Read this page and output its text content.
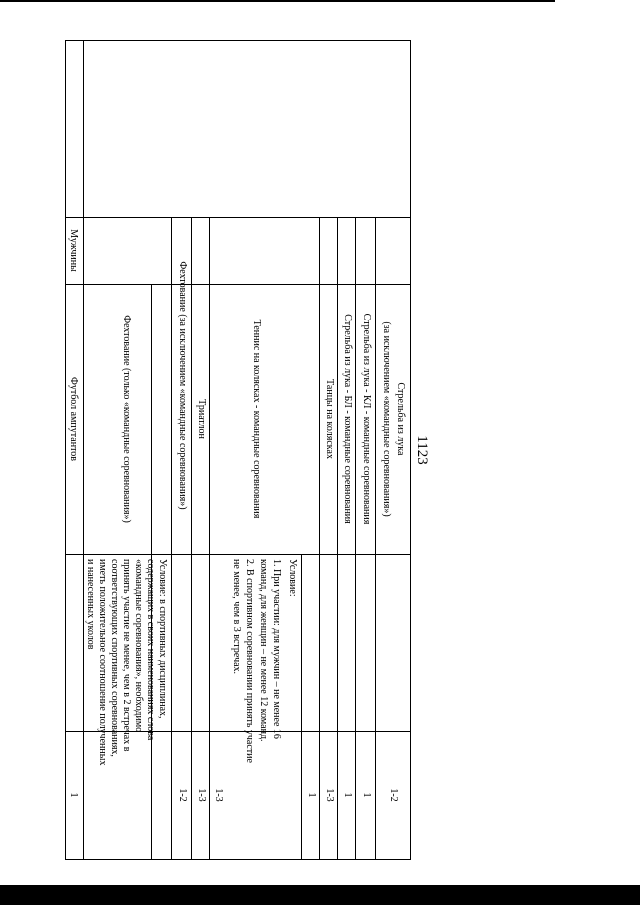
1123
Стрельба из лука
(за исключением «командные соревнования»)
1-2
Стрельба из лука - КЛ - командные соревнования
1
Стрельба из лука - БЛ - командные соревнования
1
Танцы на колясках
1-3
1
Теннис на колясках - командные соревнования
Условие:
1. При участии: для мужчин – не менее 16
команд, для женщин – не менее 12 команд.
2. В спортивном соревновании принять участие
не менее, чем в 3 встречах.
1-3
Триатлон
1-3
Фехтование (за исключением «командные соревнования»)
1-2
Фехтование (только «командные соревнования»)
Условие: в спортивных дисциплинах,
содержащих в своих наименованиях слова
«командные соревнования», необходимо
принять участие не менее, чем в 2 встречах в
соответствующих спортивных соревнованиях,
иметь положительное соотношение полученных
и нанесенных уколов
Мужчины
Футбол ампутантов
1
